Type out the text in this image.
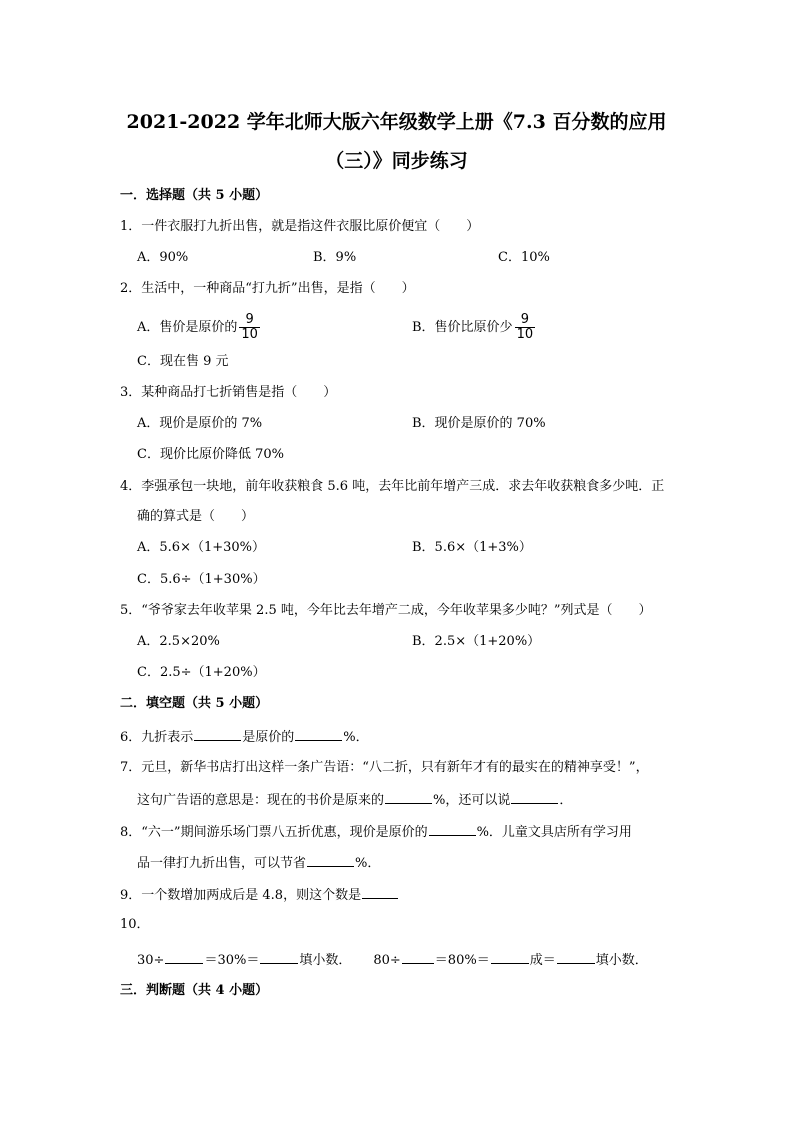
2021-2022 学年北师大版六年级数学上册《7.3 百分数的应用
（三）》同步练习
一．选择题（共 5 小题）
1．一件衣服打九折出售，就是指这件衣服比原价便宜（　　）
A．90%	B．9%	C．10%
2．生活中，一种商品“打九折”出售，是指（　　）
A．售价是原价的 $\frac{9}{10}$	B．售价比原价少 $\frac{9}{10}$
C．现在售 9 元
3．某种商品打七折销售是指（　　）
A．现价是原价的 7%	B．现价是原价的 70%
C．现价比原价降低 70%
4．李强承包一块地，前年收获粮食 5.6 吨，去年比前年增产三成．求去年收获粮食多少吨．正
确的算式是（　　）
A．5.6×（1+30%）	B．5.6×（1+3%）
C．5.6÷（1+30%）
5．“爷爷家去年收苹果 2.5 吨，今年比去年增产二成，今年收苹果多少吨？”列式是（　　）
A．2.5×20%	B．2.5×（1+20%）
C．2.5÷（1+20%）
二．填空题（共 5 小题）
6．九折表示	是原价的	%．
7．元旦，新华书店打出这样一条广告语：“八二折，只有新年才有的最实在的精神享受！”，
这句广告语的意思是：现在的书价是原来的	%，还可以说	．
8．“六一”期间游乐场门票八五折优惠，现价是原价的	%．儿童文具店所有学习用
品一律打九折出售，可以节省	%．
9．一个数增加两成后是 4.8，则这个数是
10．
30÷	＝30%＝	填小数． 80÷	＝80%＝	成＝	填小数．
三．判断题（共 4 小题）
